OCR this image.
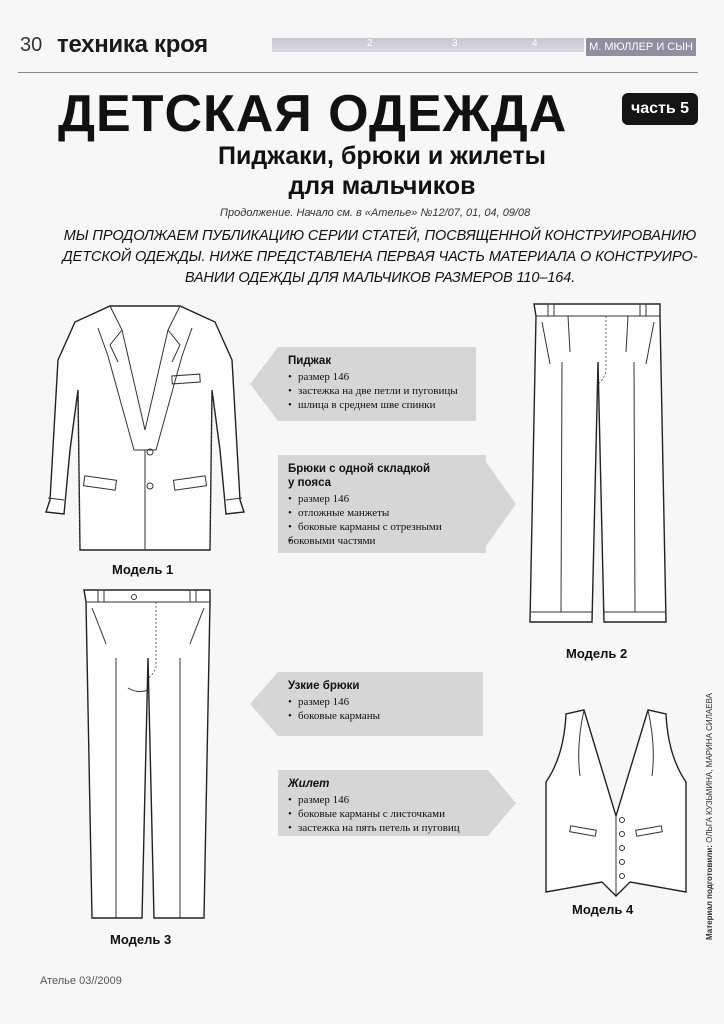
30 техника кроя	2	3	4	М. МЮЛЛЕР И СЫН
ДЕТСКАЯ ОДЕЖДА	часть 5
Пиджаки, брюки и жилеты
для мальчиков
Продолжение. Начало см. в «Ателье» №12/07, 01, 04, 09/08
МЫ ПРОДОЛЖАЕМ ПУБЛИКАЦИЮ СЕРИИ СТАТЕЙ, ПОСВЯЩЕННОЙ КОНСТРУИРОВАНИЮ
ДЕТСКОЙ ОДЕЖДЫ. НИЖЕ ПРЕДСТАВЛЕНА ПЕРВАЯ ЧАСТЬ МАТЕРИАЛА О КОНСТРУИРО-
ВАНИИ ОДЕЖДЫ ДЛЯ МАЛЬЧИКОВ РАЗМЕРОВ 110–164.
Модель 1
Пиджак
• размер 146
• застежка на две петли и пуговицы
• шлица в среднем шве спинки
Модель 2
Брюки с одной складкой
у пояса
• размер 146
• отложные манжеты
• боковые карманы с отрезными
• боковыми частями
Модель 3
Узкие брюки
• размер 146
• боковые карманы
Жилет
• размер 146
• боковые карманы с листочками
• застежка на пять петель и пуговиц
Модель 4	Материал подготовили: ОЛЬГА КУЗЬМИНА, МАРИНА СИЛАЕВА
Ателье 03//2009
